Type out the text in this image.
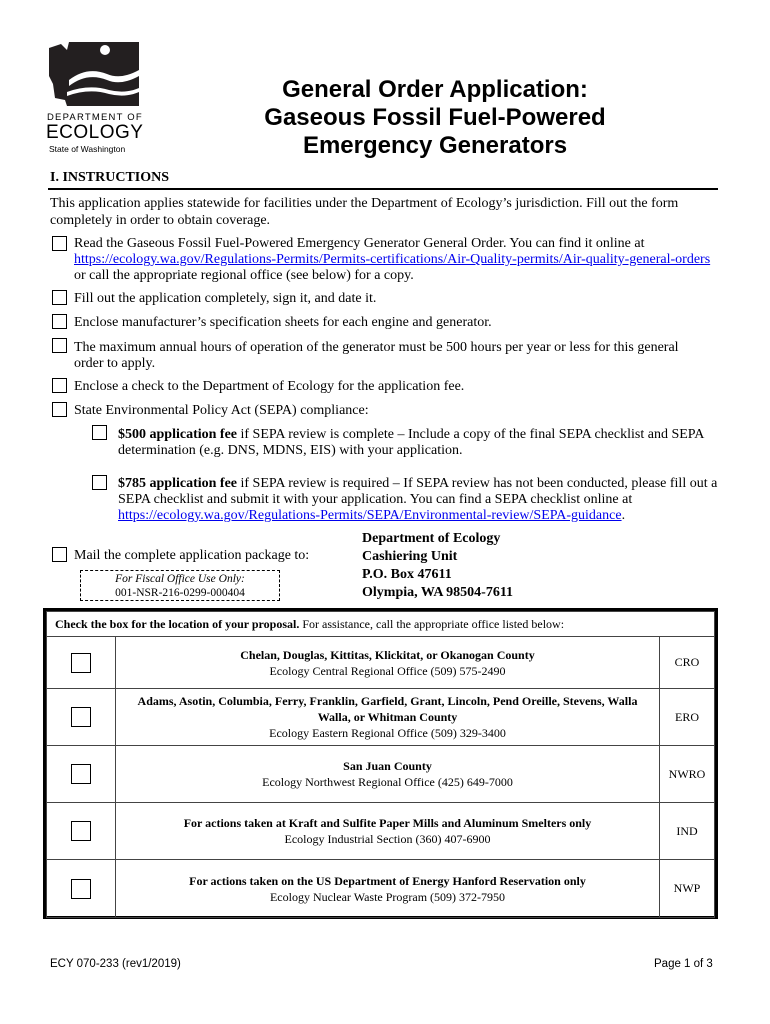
DEPARTMENT OF
ECOLOGY
State of Washington
General Order Application:
Gaseous Fossil Fuel-Powered
Emergency Generators
I. INSTRUCTIONS
This application applies statewide for facilities under the Department of Ecology’s jurisdiction. Fill out the form completely in order to obtain coverage.
Read the Gaseous Fossil Fuel-Powered Emergency Generator General Order. You can find it online at https://ecology.wa.gov/Regulations-Permits/Permits-certifications/Air-Quality-permits/Air-quality-general-orders or call the appropriate regional office (see below) for a copy.
Fill out the application completely, sign it, and date it.
Enclose manufacturer’s specification sheets for each engine and generator.
The maximum annual hours of operation of the generator must be 500 hours per year or less for this general order to apply.
Enclose a check to the Department of Ecology for the application fee.
State Environmental Policy Act (SEPA) compliance:
$500 application fee if SEPA review is complete – Include a copy of the final SEPA checklist and SEPA determination (e.g. DNS, MDNS, EIS) with your application.
$785 application fee if SEPA review is required – If SEPA review has not been conducted, please fill out a SEPA checklist and submit it with your application. You can find a SEPA checklist online at https://ecology.wa.gov/Regulations-Permits/SEPA/Environmental-review/SEPA-guidance.
Mail the complete application package to:
For Fiscal Office Use Only:
001-NSR-216-0299-000404
Department of Ecology
Cashiering Unit
P.O. Box 47611
Olympia, WA 98504-7611
Check the box for the location of your proposal. For assistance, call the appropriate office listed below:		

	Chelan, Douglas, Kittitas, Klickitat, or Okanogan County
Ecology Central Regional Office (509) 575-2490	CRO

	Adams, Asotin, Columbia, Ferry, Franklin, Garfield, Grant, Lincoln, Pend Oreille, Stevens, Walla Walla, or Whitman County
Ecology Eastern Regional Office (509) 329-3400	ERO

	San Juan County
Ecology Northwest Regional Office (425) 649-7000	NWRO

	For actions taken at Kraft and Sulfite Paper Mills and Aluminum Smelters only
Ecology Industrial Section (360) 407-6900	IND

	For actions taken on the US Department of Energy Hanford Reservation only
Ecology Nuclear Waste Program (509) 372-7950	NWP
ECY 070-233 (rev1/2019)	Page 1 of 3
